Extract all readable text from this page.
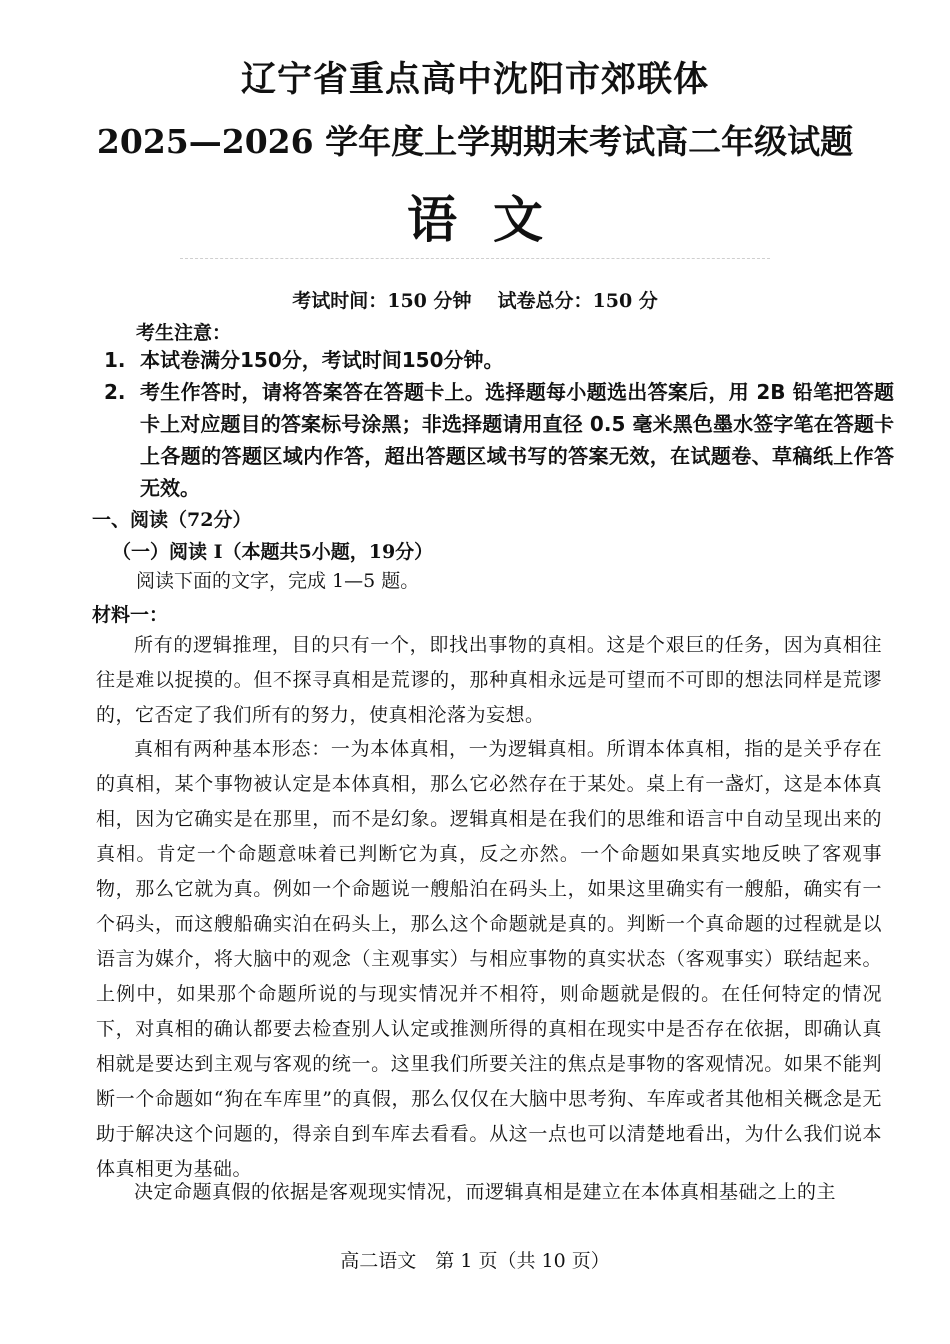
辽宁省重点高中沈阳市郊联体
2025—2026 学年度上学期期末考试高二年级试题
语文
考试时间：150 分钟 试卷总分：150 分
考生注意：
1. 本试卷满分150分，考试时间150分钟。
2. 考生作答时，请将答案答在答题卡上。选择题每小题选出答案后，用 2B 铅笔把答题卡上对应题目的答案标号涂黑；非选择题请用直径 0.5 毫米黑色墨水签字笔在答题卡上各题的答题区域内作答，超出答题区域书写的答案无效，在试题卷、草稿纸上作答无效。
一、阅读（72分）
（一）阅读 I（本题共5小题，19分）
阅读下面的文字，完成 1—5 题。
材料一：
所有的逻辑推理，目的只有一个，即找出事物的真相。这是个艰巨的任务，因为真相往往是难以捉摸的。但不探寻真相是荒谬的，那种真相永远是可望而不可即的想法同样是荒谬的，它否定了我们所有的努力，使真相沦落为妄想。
真相有两种基本形态：一为本体真相，一为逻辑真相。所谓本体真相，指的是关乎存在的真相，某个事物被认定是本体真相，那么它必然存在于某处。桌上有一盏灯，这是本体真相，因为它确实是在那里，而不是幻象。逻辑真相是在我们的思维和语言中自动呈现出来的真相。肯定一个命题意味着已判断它为真，反之亦然。一个命题如果真实地反映了客观事物，那么它就为真。例如一个命题说一艘船泊在码头上，如果这里确实有一艘船，确实有一个码头，而这艘船确实泊在码头上，那么这个命题就是真的。判断一个真命题的过程就是以语言为媒介，将大脑中的观念（主观事实）与相应事物的真实状态（客观事实）联结起来。上例中，如果那个命题所说的与现实情况并不相符，则命题就是假的。在任何特定的情况下，对真相的确认都要去检查别人认定或推测所得的真相在现实中是否存在依据，即确认真相就是要达到主观与客观的统一。这里我们所要关注的焦点是事物的客观情况。如果不能判断一个命题如“狗在车库里”的真假，那么仅仅在大脑中思考狗、车库或者其他相关概念是无助于解决这个问题的，得亲自到车库去看看。从这一点也可以清楚地看出，为什么我们说本体真相更为基础。
决定命题真假的依据是客观现实情况，而逻辑真相是建立在本体真相基础之上的主
高二语文　第 1 页（共 10 页）
